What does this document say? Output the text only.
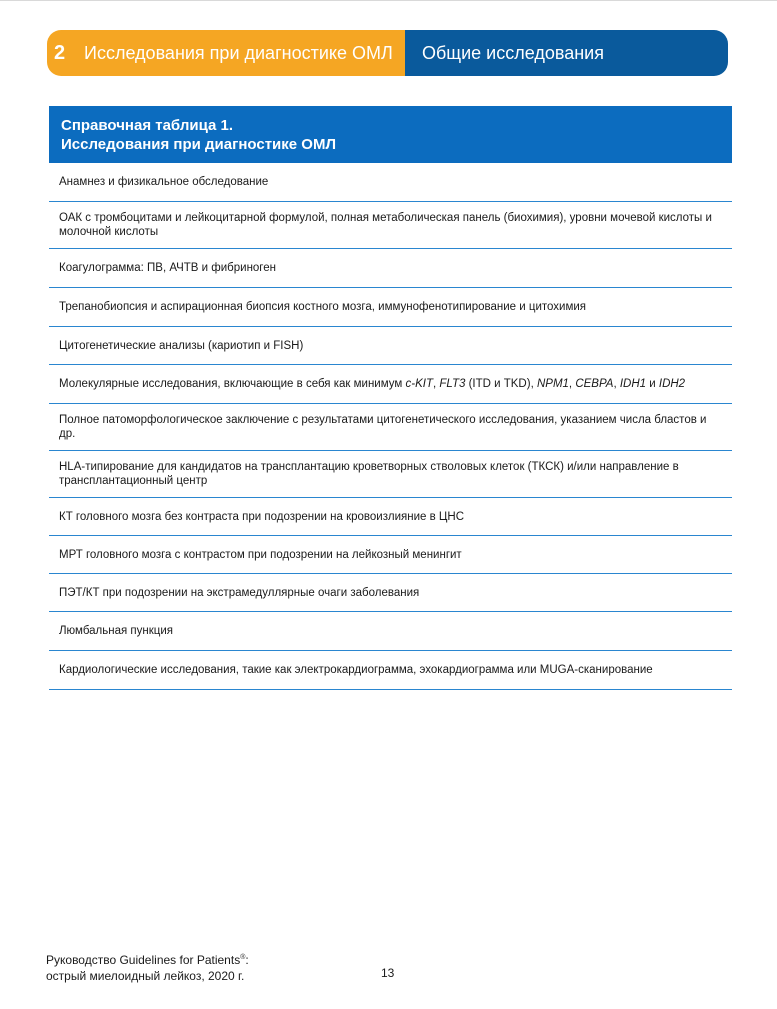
2	Исследования при диагностике ОМЛ Общие исследования
Справочная таблица 1.
Исследования при диагностике ОМЛ
Анамнез и физикальное обследование
ОАК с тромбоцитами и лейкоцитарной формулой, полная метаболическая панель (биохимия), уровни мочевой кислоты и молочной кислоты
Коагулограмма: ПВ, АЧТВ и фибриноген
Трепанобиопсия и аспирационная биопсия костного мозга, иммунофенотипирование и цитохимия
Цитогенетические анализы (кариотип и FISH)
Молекулярные исследования, включающие в себя как минимум c-KIT, FLT3 (ITD и TKD), NPM1, CEBPA, IDH1 и IDH2
Полное патоморфологическое заключение с результатами цитогенетического исследования, указанием числа бластов и др.
HLA-типирование для кандидатов на трансплантацию кроветворных стволовых клеток (ТКСК) и/или направление в трансплантационный центр
КТ головного мозга без контраста при подозрении на кровоизлияние в ЦНС
МРТ головного мозга с контрастом при подозрении на лейкозный менингит
ПЭТ/КТ при подозрении на экстрамедуллярные очаги заболевания
Люмбальная пункция
Кардиологические исследования, такие как электрокардиограмма, эхокардиограмма или MUGA-сканирование
Руководство Guidelines for Patients®:
острый миелоидный лейкоз, 2020 г.	13
